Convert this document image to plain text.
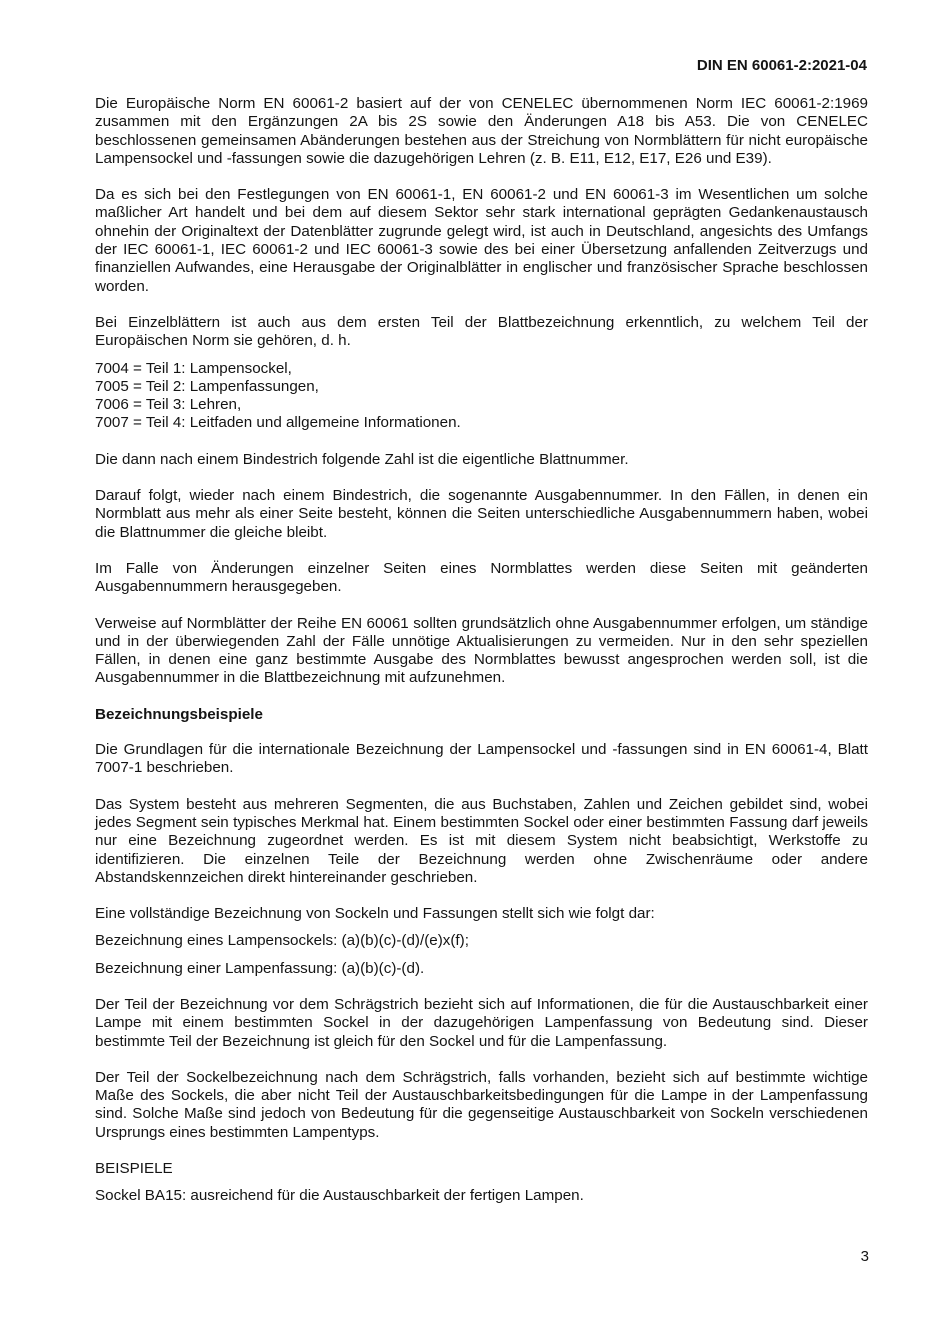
DIN EN 60061-2:2021-04

Die Europäische Norm EN 60061-2 basiert auf der von CENELEC übernommenen Norm IEC 60061-2:1969 zusammen mit den Ergänzungen 2A bis 2S sowie den Änderungen A18 bis A53. Die von CENELEC beschlossenen gemeinsamen Abänderungen bestehen aus der Streichung von Normblättern für nicht europäische Lampensockel und -fassungen sowie die dazugehörigen Lehren (z. B. E11, E12, E17, E26 und E39).

Da es sich bei den Festlegungen von EN 60061-1, EN 60061-2 und EN 60061-3 im Wesentlichen um solche maßlicher Art handelt und bei dem auf diesem Sektor sehr stark international geprägten Gedankenaustausch ohnehin der Originaltext der Datenblätter zugrunde gelegt wird, ist auch in Deutschland, angesichts des Umfangs der IEC 60061-1, IEC 60061-2 und IEC 60061-3 sowie des bei einer Übersetzung anfallenden Zeitverzugs und finanziellen Aufwandes, eine Herausgabe der Originalblätter in englischer und französischer Sprache beschlossen worden.

Bei Einzelblättern ist auch aus dem ersten Teil der Blattbezeichnung erkenntlich, zu welchem Teil der Europäischen Norm sie gehören, d. h.

7004 = Teil 1: Lampensockel,
7005 = Teil 2: Lampenfassungen,
7006 = Teil 3: Lehren,
7007 = Teil 4: Leitfaden und allgemeine Informationen.

Die dann nach einem Bindestrich folgende Zahl ist die eigentliche Blattnummer.

Darauf folgt, wieder nach einem Bindestrich, die sogenannte Ausgabennummer. In den Fällen, in denen ein Normblatt aus mehr als einer Seite besteht, können die Seiten unterschiedliche Ausgabennummern haben, wobei die Blattnummer die gleiche bleibt.

Im Falle von Änderungen einzelner Seiten eines Normblattes werden diese Seiten mit geänderten Ausgabennummern herausgegeben.

Verweise auf Normblätter der Reihe EN 60061 sollten grundsätzlich ohne Ausgabennummer erfolgen, um ständige und in der überwiegenden Zahl der Fälle unnötige Aktualisierungen zu vermeiden. Nur in den sehr speziellen Fällen, in denen eine ganz bestimmte Ausgabe des Normblattes bewusst angesprochen werden soll, ist die Ausgabennummer in die Blattbezeichnung mit aufzunehmen.

Bezeichnungsbeispiele

Die Grundlagen für die internationale Bezeichnung der Lampensockel und -fassungen sind in EN 60061-4, Blatt 7007-1 beschrieben.

Das System besteht aus mehreren Segmenten, die aus Buchstaben, Zahlen und Zeichen gebildet sind, wobei jedes Segment sein typisches Merkmal hat. Einem bestimmten Sockel oder einer bestimmten Fassung darf jeweils nur eine Bezeichnung zugeordnet werden. Es ist mit diesem System nicht beabsichtigt, Werkstoffe zu identifizieren. Die einzelnen Teile der Bezeichnung werden ohne Zwischenräume oder andere Abstandskennzeichen direkt hintereinander geschrieben.

Eine vollständige Bezeichnung von Sockeln und Fassungen stellt sich wie folgt dar:

Bezeichnung eines Lampensockels: (a)(b)(c)-(d)/(e)x(f);

Bezeichnung einer Lampenfassung: (a)(b)(c)-(d).

Der Teil der Bezeichnung vor dem Schrägstrich bezieht sich auf Informationen, die für die Austauschbarkeit einer Lampe mit einem bestimmten Sockel in der dazugehörigen Lampenfassung von Bedeutung sind. Dieser bestimmte Teil der Bezeichnung ist gleich für den Sockel und für die Lampenfassung.

Der Teil der Sockelbezeichnung nach dem Schrägstrich, falls vorhanden, bezieht sich auf bestimmte wichtige Maße des Sockels, die aber nicht Teil der Austauschbarkeitsbedingungen für die Lampe in der Lampenfassung sind. Solche Maße sind jedoch von Bedeutung für die gegenseitige Austauschbarkeit von Sockeln verschiedenen Ursprungs eines bestimmten Lampentyps.

BEISPIELE

Sockel BA15: ausreichend für die Austauschbarkeit der fertigen Lampen.

3
